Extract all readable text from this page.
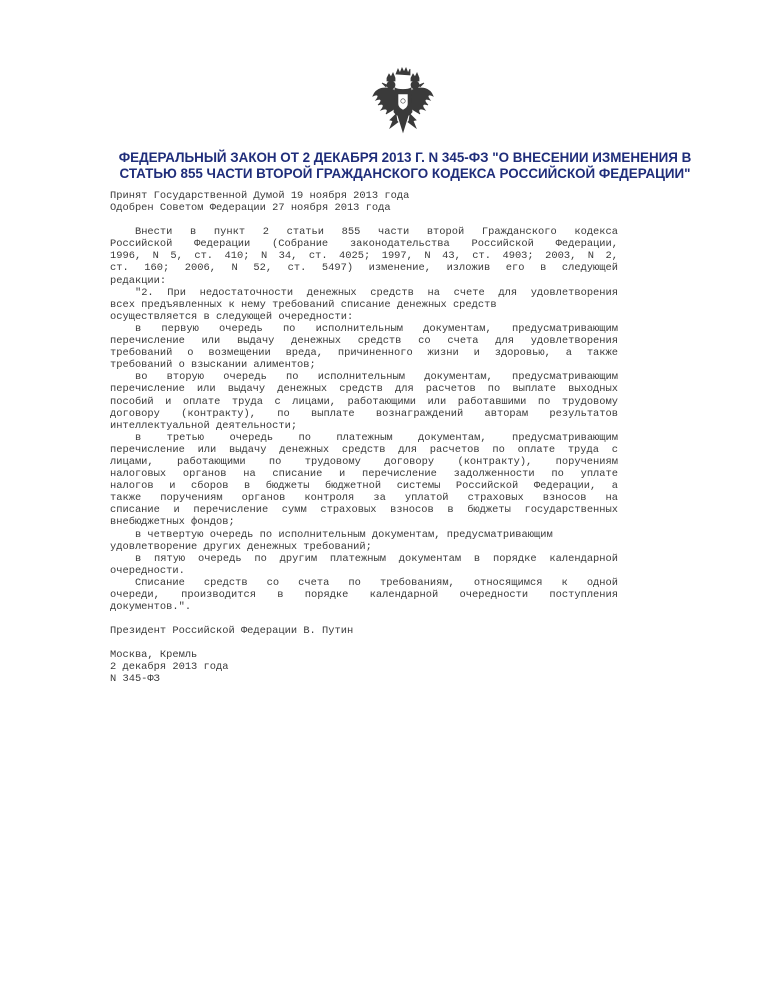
ФЕДЕРАЛЬНЫЙ ЗАКОН ОТ 2 ДЕКАБРЯ 2013 Г. N 345-ФЗ "О ВНЕСЕНИИ ИЗМЕНЕНИЯ В
СТАТЬЮ 855 ЧАСТИ ВТОРОЙ ГРАЖДАНСКОГО КОДЕКСА РОССИЙСКОЙ ФЕДЕРАЦИИ"
Принят Государственной Думой 19 ноября 2013 года
Одобрен Советом Федерации 27 ноября 2013 года
Внести в пункт 2 статьи 855 части второй Гражданского кодекса
Российской Федерации (Собрание законодательства Российской Федерации,
1996, N 5, ст. 410; N 34, ст. 4025; 1997, N 43, ст. 4903; 2003, N 2,
ст. 160; 2006, N 52, ст. 5497) изменение, изложив его в следующей
редакции:
"2. При недостаточности денежных средств на счете для удовлетворения
всех предъявленных к нему требований списание денежных средств
осуществляется в следующей очередности:
в первую очередь по исполнительным документам, предусматривающим
перечисление или выдачу денежных средств со счета для удовлетворения
требований о возмещении вреда, причиненного жизни и здоровью, а также
требований о взыскании алиментов;
во вторую очередь по исполнительным документам, предусматривающим
перечисление или выдачу денежных средств для расчетов по выплате выходных
пособий и оплате труда с лицами, работающими или работавшими по трудовому
договору (контракту), по выплате вознаграждений авторам результатов
интеллектуальной деятельности;
в третью очередь по платежным документам, предусматривающим
перечисление или выдачу денежных средств для расчетов по оплате труда с
лицами, работающими по трудовому договору (контракту), поручениям
налоговых органов на списание и перечисление задолженности по уплате
налогов и сборов в бюджеты бюджетной системы Российской Федерации, а
также поручениям органов контроля за уплатой страховых взносов на
списание и перечисление сумм страховых взносов в бюджеты государственных
внебюджетных фондов;
в четвертую очередь по исполнительным документам, предусматривающим
удовлетворение других денежных требований;
в пятую очередь по другим платежным документам в порядке календарной
очередности.
Списание средств со счета по требованиям, относящимся к одной
очереди, производится в порядке календарной очередности поступления
документов.".
Президент Российской Федерации В. Путин
Москва, Кремль
2 декабря 2013 года
N 345-ФЗ
